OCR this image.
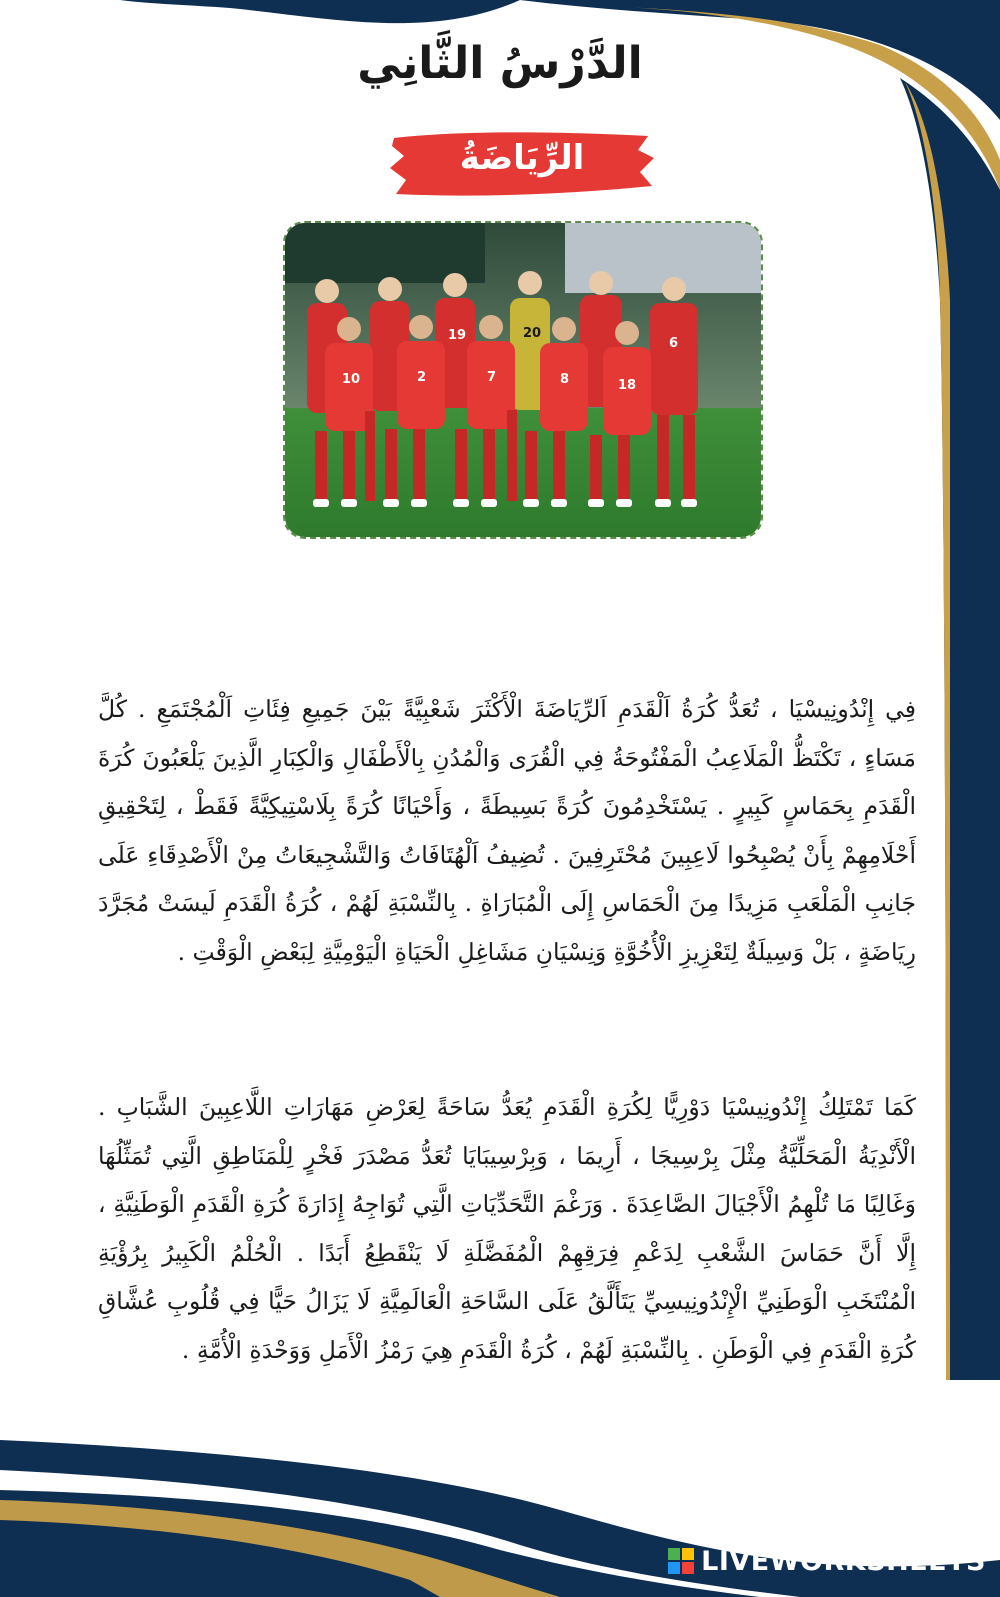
الدَّرْسُ الثَّانِي
الرِّيَاضَةُ
10	2	7	8	18
6
20
19
فِي إِنْدُونِيسْيَا ، تُعَدُّ كُرَةُ اَلْقَدَمِ اَلرِّيَاضَةَ الْأَكْثَرَ شَعْبِيَّةً بَيْنَ جَمِيعِ فِئَاتِ اَلْمُجْتَمَعِ . كُلَّ مَسَاءٍ ، تَكْتَظُّ الْمَلَاعِبُ الْمَفْتُوحَةُ فِي الْقُرَى وَالْمُدُنِ بِالْأَطْفَالِ وَالْكِبَارِ الَّذِينَ يَلْعَبُونَ كُرَةَ الْقَدَمِ بِحَمَاسٍ كَبِيرٍ . يَسْتَخْدِمُونَ كُرَةً بَسِيطَةً ، وَأَحْيَانًا كُرَةً بِلَاسْتِيكِيَّةً فَقَطْ ، لِتَحْقِيقِ أَحْلَامِهِمْ بِأَنْ يُصْبِحُوا لَاعِبِينَ مُحْتَرِفِينَ . تُضِيفُ اَلْهُتَافَاتُ وَالتَّشْجِيعَاتُ مِنْ الْأَصْدِقَاءِ عَلَى جَانِبِ الْمَلْعَبِ مَزِيدًا مِنَ الْحَمَاسِ إِلَى الْمُبَارَاةِ . بِالنِّسْبَةِ لَهُمْ ، كُرَةُ الْقَدَمِ لَيسَتْ مُجَرَّدَ رِيَاضَةٍ ، بَلْ وَسِيلَةٌ لِتَعْزِيزِ الْأُخُوَّةِ وَنِسْيَانِ مَشَاغِلِ الْحَيَاةِ الْيَوْمِيَّةِ لِبَعْضِ الْوَقْتِ .
كَمَا تَمْتَلِكُ إِنْدُونِيسْيَا دَوْرِيًّا لِكُرَةِ الْقَدَمِ يُعَدُّ سَاحَةً لِعَرْضِ مَهَارَاتِ اللَّاعِبِينَ الشَّبَابِ . الْأَنْدِيَةُ الْمَحَلِّيَّةُ مِثْلَ بِرْسِيجَا ، أَرِيمَا ، وَبِرْسِيبَايَا تُعَدُّ مَصْدَرَ فَخْرٍ لِلْمَنَاطِقِ الَّتِي تُمَثِّلُهَا وَغَالِبًا مَا تُلْهِمُ الْأَجْيَالَ الصَّاعِدَةَ . وَرَغْمَ التَّحَدِّيَاتِ الَّتِي تُوَاجِهُ إِدَارَةَ كُرَةِ الْقَدَمِ الْوَطَنِيَّةِ ، إِلَّا أَنَّ حَمَاسَ الشَّعْبِ لِدَعْمِ فِرَقِهِمْ الْمُفَضَّلَةِ لَا يَنْقَطِعُ أَبَدًا . الْحُلْمُ الْكَبِيرُ بِرُؤْيَةِ الْمُنْتَخَبِ الْوَطَنِيِّ الْإِنْدُونِيسِيِّ يَتَأَلَّقُ عَلَى السَّاحَةِ الْعَالَمِيَّةِ لَا يَزَالُ حَيًّا فِي قُلُوبِ عُشَّاقِ كُرَةِ الْقَدَمِ فِي الْوَطَنِ . بِالنِّسْبَةِ لَهُمْ ، كُرَةُ الْقَدَمِ هِيَ رَمْزُ الْأَمَلِ وَوَحْدَةِ الْأُمَّةِ .
LIVEWORKSHEETS
